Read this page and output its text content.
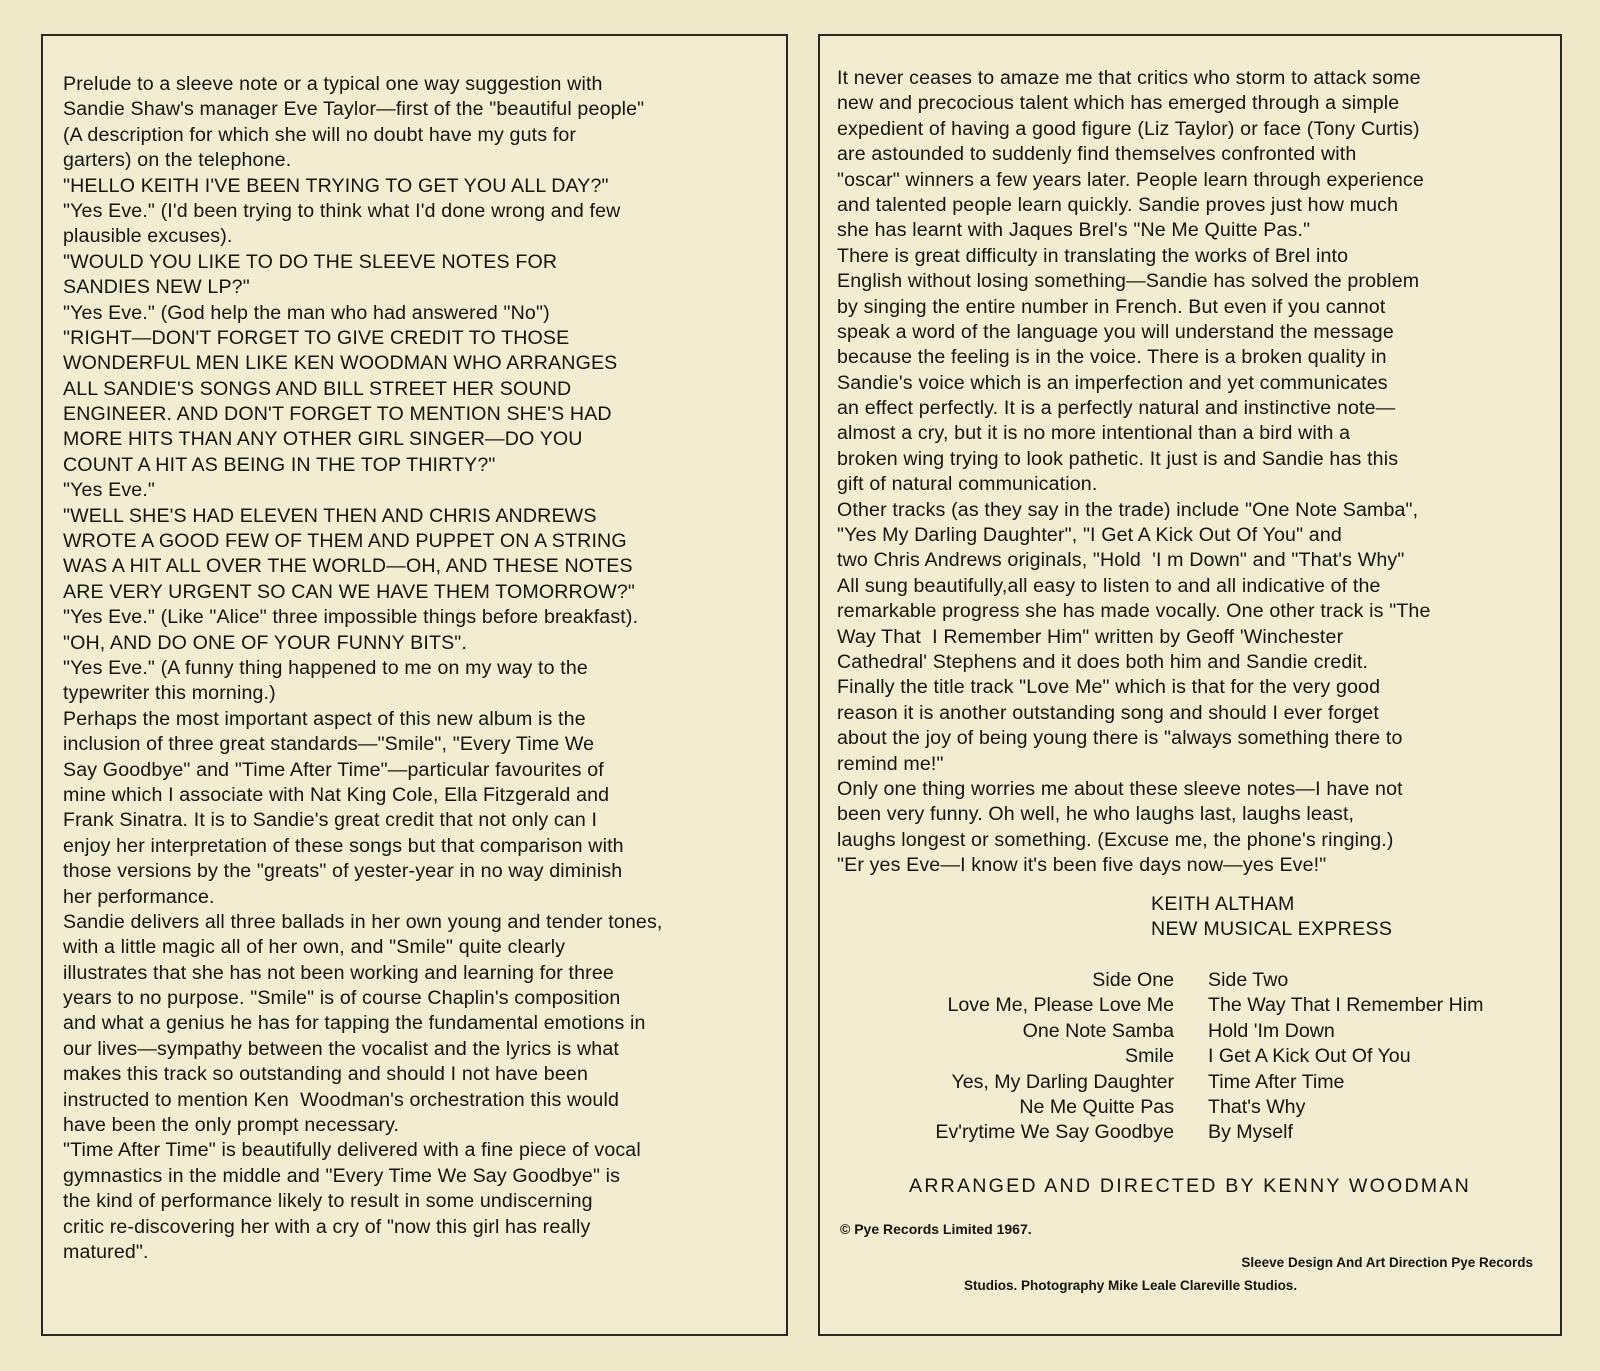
Prelude to a sleeve note or a typical one way suggestion with
Sandie Shaw's manager Eve Taylor—first of the "beautiful people"
(A description for which she will no doubt have my guts for
garters) on the telephone.
"HELLO KEITH I'VE BEEN TRYING TO GET YOU ALL DAY?"
"Yes Eve." (I'd been trying to think what I'd done wrong and few
plausible excuses).
"WOULD YOU LIKE TO DO THE SLEEVE NOTES FOR
SANDIES NEW LP?"
"Yes Eve." (God help the man who had answered "No")
"RIGHT—DON'T FORGET TO GIVE CREDIT TO THOSE
WONDERFUL MEN LIKE KEN WOODMAN WHO ARRANGES
ALL SANDIE'S SONGS AND BILL STREET HER SOUND
ENGINEER. AND DON'T FORGET TO MENTION SHE'S HAD
MORE HITS THAN ANY OTHER GIRL SINGER—DO YOU
COUNT A HIT AS BEING IN THE TOP THIRTY?"
"Yes Eve."
"WELL SHE'S HAD ELEVEN THEN AND CHRIS ANDREWS
WROTE A GOOD FEW OF THEM AND PUPPET ON A STRING
WAS A HIT ALL OVER THE WORLD—OH, AND THESE NOTES
ARE VERY URGENT SO CAN WE HAVE THEM TOMORROW?"
"Yes Eve." (Like "Alice" three impossible things before breakfast).
"OH, AND DO ONE OF YOUR FUNNY BITS".
"Yes Eve." (A funny thing happened to me on my way to the
typewriter this morning.)
Perhaps the most important aspect of this new album is the
inclusion of three great standards—"Smile", "Every Time We
Say Goodbye" and "Time After Time"—particular favourites of
mine which I associate with Nat King Cole, Ella Fitzgerald and
Frank Sinatra. It is to Sandie's great credit that not only can I
enjoy her interpretation of these songs but that comparison with
those versions by the "greats" of yester-year in no way diminish
her performance.
Sandie delivers all three ballads in her own young and tender tones,
with a little magic all of her own, and "Smile" quite clearly
illustrates that she has not been working and learning for three
years to no purpose. "Smile" is of course Chaplin's composition
and what a genius he has for tapping the fundamental emotions in
our lives—sympathy between the vocalist and the lyrics is what
makes this track so outstanding and should I not have been
instructed to mention Ken  Woodman's orchestration this would
have been the only prompt necessary.
"Time After Time" is beautifully delivered with a fine piece of vocal
gymnastics in the middle and "Every Time We Say Goodbye" is
the kind of performance likely to result in some undiscerning
critic re-discovering her with a cry of "now this girl has really
matured".
It never ceases to amaze me that critics who storm to attack some
new and precocious talent which has emerged through a simple
expedient of having a good figure (Liz Taylor) or face (Tony Curtis)
are astounded to suddenly find themselves confronted with
"oscar" winners a few years later. People learn through experience
and talented people learn quickly. Sandie proves just how much
she has learnt with Jaques Brel's "Ne Me Quitte Pas."
There is great difficulty in translating the works of Brel into
English without losing something—Sandie has solved the problem
by singing the entire number in French. But even if you cannot
speak a word of the language you will understand the message
because the feeling is in the voice. There is a broken quality in
Sandie's voice which is an imperfection and yet communicates
an effect perfectly. It is a perfectly natural and instinctive note—
almost a cry, but it is no more intentional than a bird with a
broken wing trying to look pathetic. It just is and Sandie has this
gift of natural communication.
Other tracks (as they say in the trade) include "One Note Samba",
"Yes My Darling Daughter", "I Get A Kick Out Of You" and
two Chris Andrews originals, "Hold  'I m Down" and "That's Why"
All sung beautifully,all easy to listen to and all indicative of the
remarkable progress she has made vocally. One other track is "The
Way That  I Remember Him" written by Geoff 'Winchester
Cathedral' Stephens and it does both him and Sandie credit.
Finally the title track "Love Me" which is that for the very good
reason it is another outstanding song and should I ever forget
about the joy of being young there is "always something there to
remind me!"
Only one thing worries me about these sleeve notes—I have not
been very funny. Oh well, he who laughs last, laughs least,
laughs longest or something. (Excuse me, the phone's ringing.)
"Er yes Eve—I know it's been five days now—yes Eve!"
KEITH ALTHAM
NEW MUSICAL EXPRESS
Side One
Love Me, Please Love Me
One Note Samba
Smile
Yes, My Darling Daughter
Ne Me Quitte Pas
Ev'rytime We Say Goodbye
Side Two
The Way That I Remember Him
Hold 'Im Down
I Get A Kick Out Of You
Time After Time
That's Why
By Myself
ARRANGED AND DIRECTED BY KENNY WOODMAN
© Pye Records Limited 1967.
Sleeve Design And Art Direction Pye Records
Studios. Photography Mike Leale Clareville Studios.
